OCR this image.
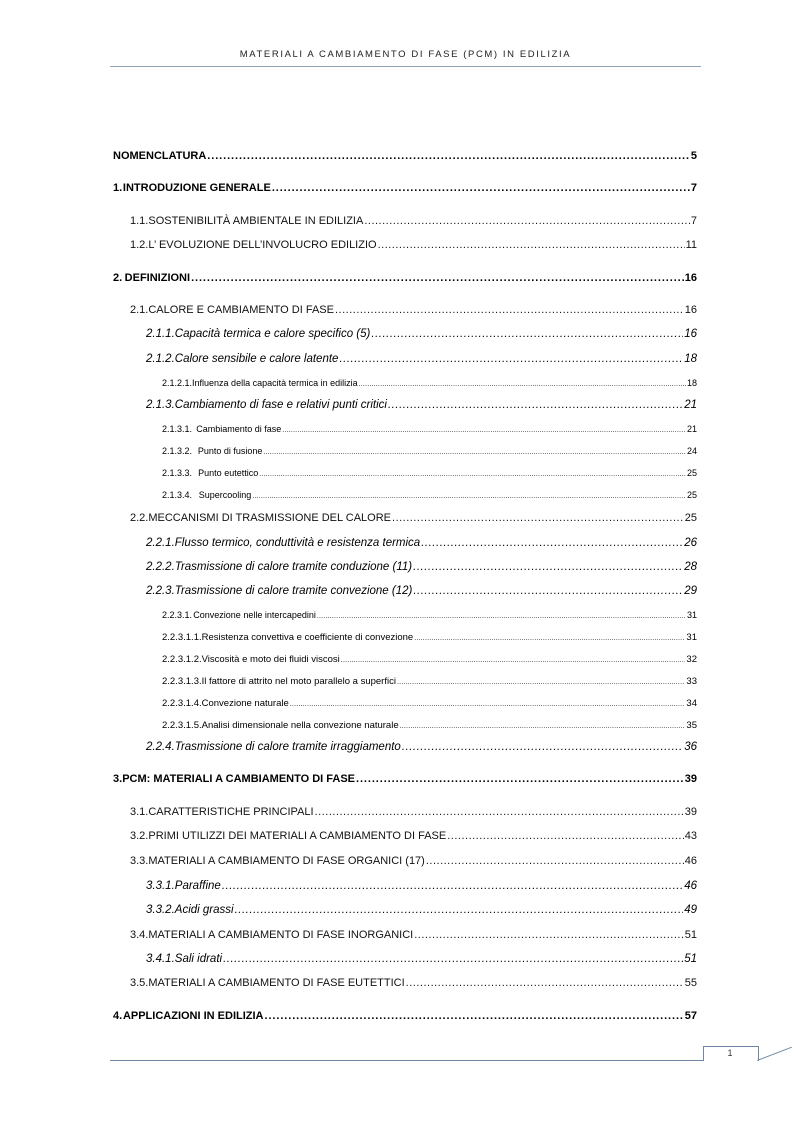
MATERIALI A CAMBIAMENTO DI FASE (PCM) IN EDILIZIA
NOMENCLATURA .....	5
1. INTRODUZIONE GENERALE .....	7
1.1. SOSTENIBILITÀ AMBIENTALE IN EDILIZIA .....	7
1.2. L’ EVOLUZIONE DELL’INVOLUCRO EDILIZIO .....	11
2. DEFINIZIONI .....	16
2.1. CALORE E CAMBIAMENTO DI FASE .....	16
2.1.1. Capacità termica e calore specifico (5) .....	16
2.1.2. Calore sensibile e calore latente .....	18
2.1.2.1. Influenza della capacità termica in edilizia .....	18
2.1.3. Cambiamento di fase e relativi punti critici .....	21
2.1.3.1. Cambiamento di fase .....	21
2.1.3.2. Punto di fusione .....	24
2.1.3.3. Punto eutettico .....	25
2.1.3.4. Supercooling .....	25
2.2. MECCANISMI DI TRASMISSIONE DEL CALORE .....	25
2.2.1. Flusso termico, conduttività e resistenza termica .....	26
2.2.2. Trasmissione di calore tramite conduzione (11) .....	28
2.2.3. Trasmissione di calore tramite convezione (12) .....	29
2.2.3.1. Convezione nelle intercapedini .....	31
2.2.3.1.1. Resistenza convettiva e coefficiente di convezione .....	31
2.2.3.1.2. Viscosità e moto dei fluidi viscosi .....	32
2.2.3.1.3. Il fattore di attrito nel moto parallelo a superfici .....	33
2.2.3.1.4. Convezione naturale .....	34
2.2.3.1.5. Analisi dimensionale nella convezione naturale .....	35
2.2.4. Trasmissione di calore tramite irraggiamento .....	36
3. PCM: MATERIALI A CAMBIAMENTO DI FASE .....	39
3.1. CARATTERISTICHE PRINCIPALI .....	39
3.2. PRIMI UTILIZZI DEI MATERIALI A CAMBIAMENTO DI FASE .....	43
3.3. MATERIALI A CAMBIAMENTO DI FASE ORGANICI (17) .....	46
3.3.1. Paraffine .....	46
3.3.2. Acidi grassi .....	49
3.4. MATERIALI A CAMBIAMENTO DI FASE INORGANICI .....	51
3.4.1. Sali idrati .....	51
3.5. MATERIALI A CAMBIAMENTO DI FASE EUTETTICI .....	55
4. APPLICAZIONI IN EDILIZIA .....	57
1
